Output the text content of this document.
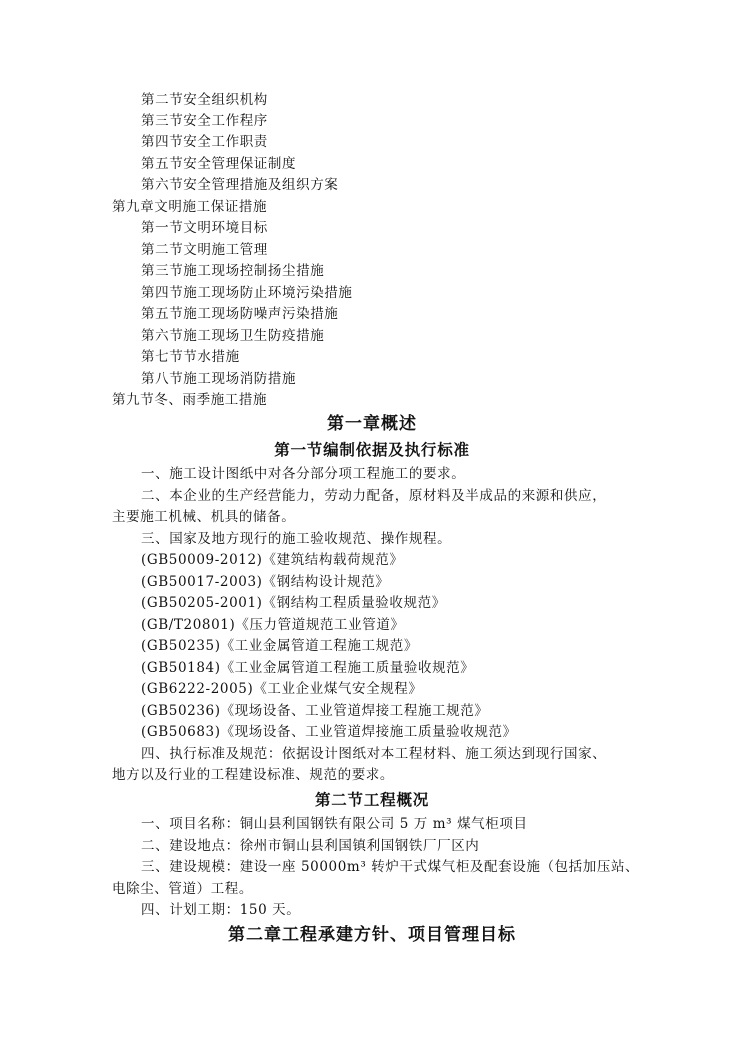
第二节安全组织机构
第三节安全工作程序
第四节安全工作职责
第五节安全管理保证制度
第六节安全管理措施及组织方案
第九章文明施工保证措施
第一节文明环境目标
第二节文明施工管理
第三节施工现场控制扬尘措施
第四节施工现场防止环境污染措施
第五节施工现场防噪声污染措施
第六节施工现场卫生防疫措施
第七节节水措施
第八节施工现场消防措施
第九节冬、雨季施工措施
第一章概述
第一节编制依据及执行标准
一、施工设计图纸中对各分部分项工程施工的要求。
二、本企业的生产经营能力，劳动力配备，原材料及半成品的来源和供应，
主要施工机械、机具的储备。
三、国家及地方现行的施工验收规范、操作规程。
(GB50009-2012)《建筑结构载荷规范》
(GB50017-2003)《钢结构设计规范》
(GB50205-2001)《钢结构工程质量验收规范》
(GB/T20801)《压力管道规范工业管道》
(GB50235)《工业金属管道工程施工规范》
(GB50184)《工业金属管道工程施工质量验收规范》
(GB6222-2005)《工业企业煤气安全规程》
(GB50236)《现场设备、工业管道焊接工程施工规范》
(GB50683)《现场设备、工业管道焊接施工质量验收规范》
四、执行标准及规范：依据设计图纸对本工程材料、施工须达到现行国家、
地方以及行业的工程建设标准、规范的要求。
第二节工程概况
一、项目名称：铜山县利国钢铁有限公司 5 万 m³ 煤气柜项目
二、建设地点：徐州市铜山县利国镇利国钢铁厂厂区内
三、建设规模：建设一座 50000m³ 转炉干式煤气柜及配套设施（包括加压站、
电除尘、管道）工程。
四、计划工期：150 天。
第二章工程承建方针、项目管理目标
